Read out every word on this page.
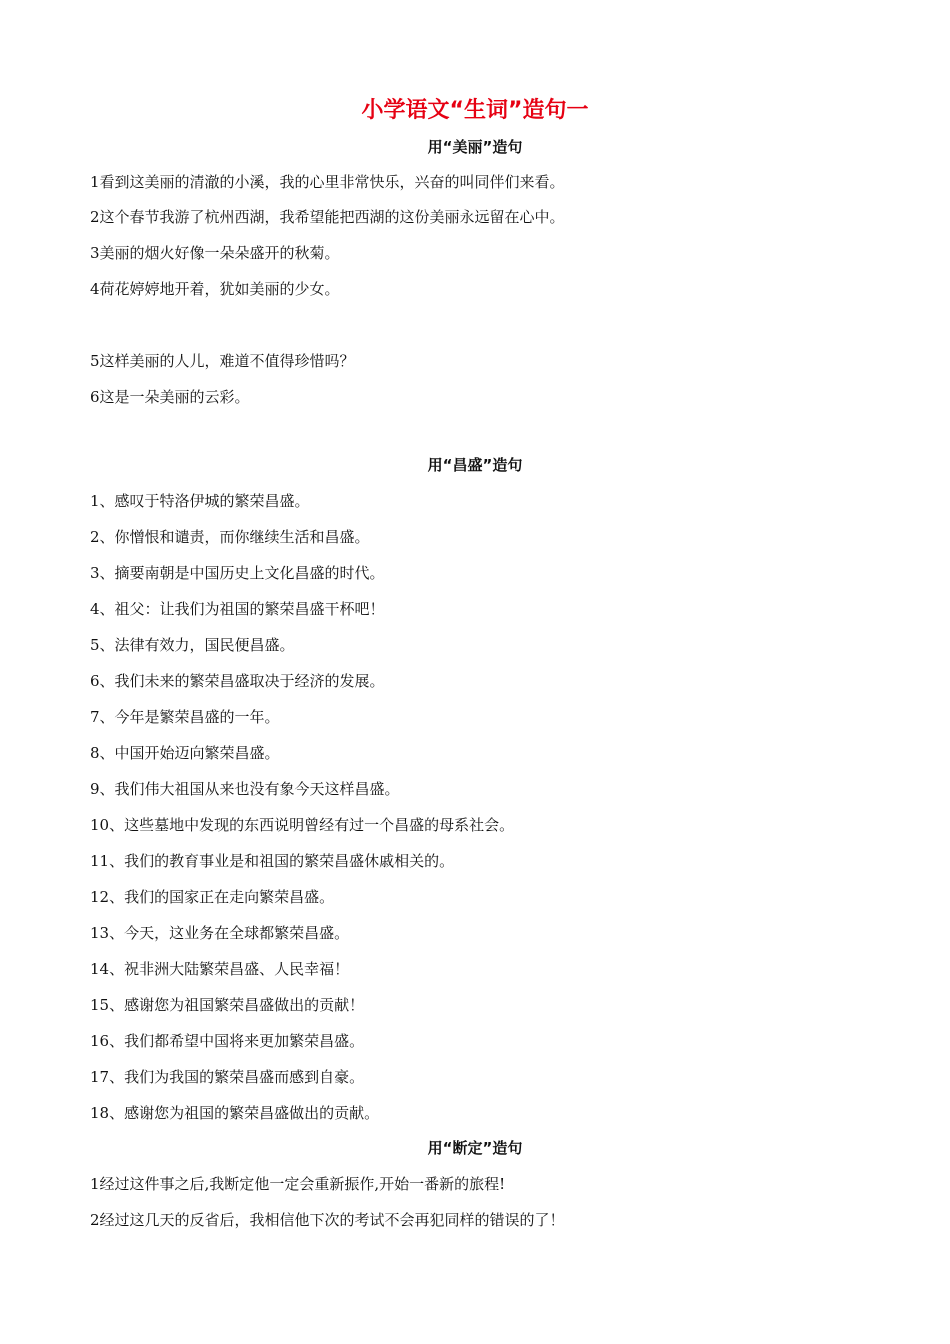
小学语文“生词”造句一
用“美丽”造句
1看到这美丽的清澈的小溪，我的心里非常快乐，兴奋的叫同伴们来看。
2这个春节我游了杭州西湖，我希望能把西湖的这份美丽永远留在心中。
3美丽的烟火好像一朵朵盛开的秋菊。
4荷花婷婷地开着，犹如美丽的少女。
5这样美丽的人儿，难道不值得珍惜吗？
6这是一朵美丽的云彩。
用“昌盛”造句
1、感叹于特洛伊城的繁荣昌盛。
2、你憎恨和谴责，而你继续生活和昌盛。
3、摘要南朝是中国历史上文化昌盛的时代。
4、祖父：让我们为祖国的繁荣昌盛干杯吧！
5、法律有效力，国民便昌盛。
6、我们未来的繁荣昌盛取决于经济的发展。
7、今年是繁荣昌盛的一年。
8、中国开始迈向繁荣昌盛。
9、我们伟大祖国从来也没有象今天这样昌盛。
10、这些墓地中发现的东西说明曾经有过一个昌盛的母系社会。
11、我们的教育事业是和祖国的繁荣昌盛休戚相关的。
12、我们的国家正在走向繁荣昌盛。
13、今天，这业务在全球都繁荣昌盛。
14、祝非洲大陆繁荣昌盛、人民幸福！
15、感谢您为祖国繁荣昌盛做出的贡献！
16、我们都希望中国将来更加繁荣昌盛。
17、我们为我国的繁荣昌盛而感到自豪。
18、感谢您为祖国的繁荣昌盛做出的贡献。
用“断定”造句
1经过这件事之后,我断定他一定会重新振作,开始一番新的旅程!
2经过这几天的反省后，我相信他下次的考试不会再犯同样的错误的了！
